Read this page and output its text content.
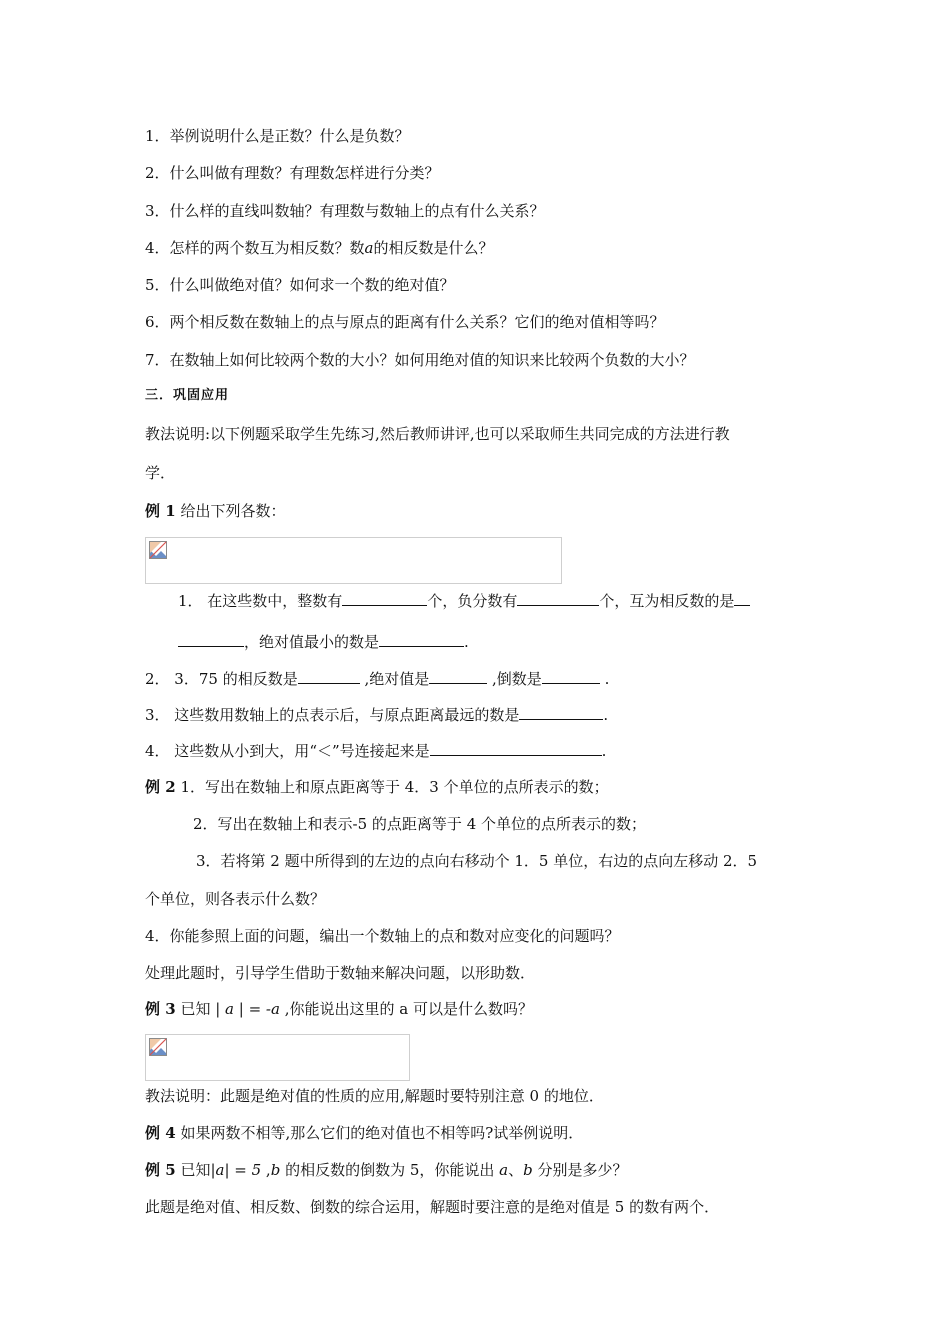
1．举例说明什么是正数？什么是负数？
2．什么叫做有理数？有理数怎样进行分类？
3．什么样的直线叫数轴？有理数与数轴上的点有什么关系？
4．怎样的两个数互为相反数？数a的相反数是什么？
5．什么叫做绝对值？如何求一个数的绝对值？
6．两个相反数在数轴上的点与原点的距离有什么关系？它们的绝对值相等吗？
7．在数轴上如何比较两个数的大小？如何用绝对值的知识来比较两个负数的大小？
三．巩固应用
教法说明:以下例题采取学生先练习,然后教师讲评,也可以采取师生共同完成的方法进行教
学．
例 1 给出下列各数：
1． 在这些数中，整数有	个，负分数有	个，互为相反数的是
，绝对值最小的数是	.
2． 3．75 的相反数是	,绝对值是	,倒数是	.
3． 这些数用数轴上的点表示后，与原点距离最远的数是	.
4． 这些数从小到大，用“＜”号连接起来是	.
例 2 1．写出在数轴上和原点距离等于 4．3 个单位的点所表示的数；
2．写出在数轴上和表示-5 的点距离等于 4 个单位的点所表示的数；
3．若将第 2 题中所得到的左边的点向右移动个 1．5 单位，右边的点向左移动 2．5
个单位，则各表示什么数？
4．你能参照上面的问题，编出一个数轴上的点和数对应变化的问题吗？
处理此题时，引导学生借助于数轴来解决问题，以形助数．
例 3 已知 | a | = -a ,你能说出这里的 a 可以是什么数吗？
教法说明：此题是绝对值的性质的应用,解题时要特别注意 0 的地位．
例 4 如果两数不相等,那么它们的绝对值也不相等吗?试举例说明．
例 5 已知|a| = 5 ,b 的相反数的倒数为 5，你能说出 a、b 分别是多少？
此题是绝对值、相反数、倒数的综合运用，解题时要注意的是绝对值是 5 的数有两个．
